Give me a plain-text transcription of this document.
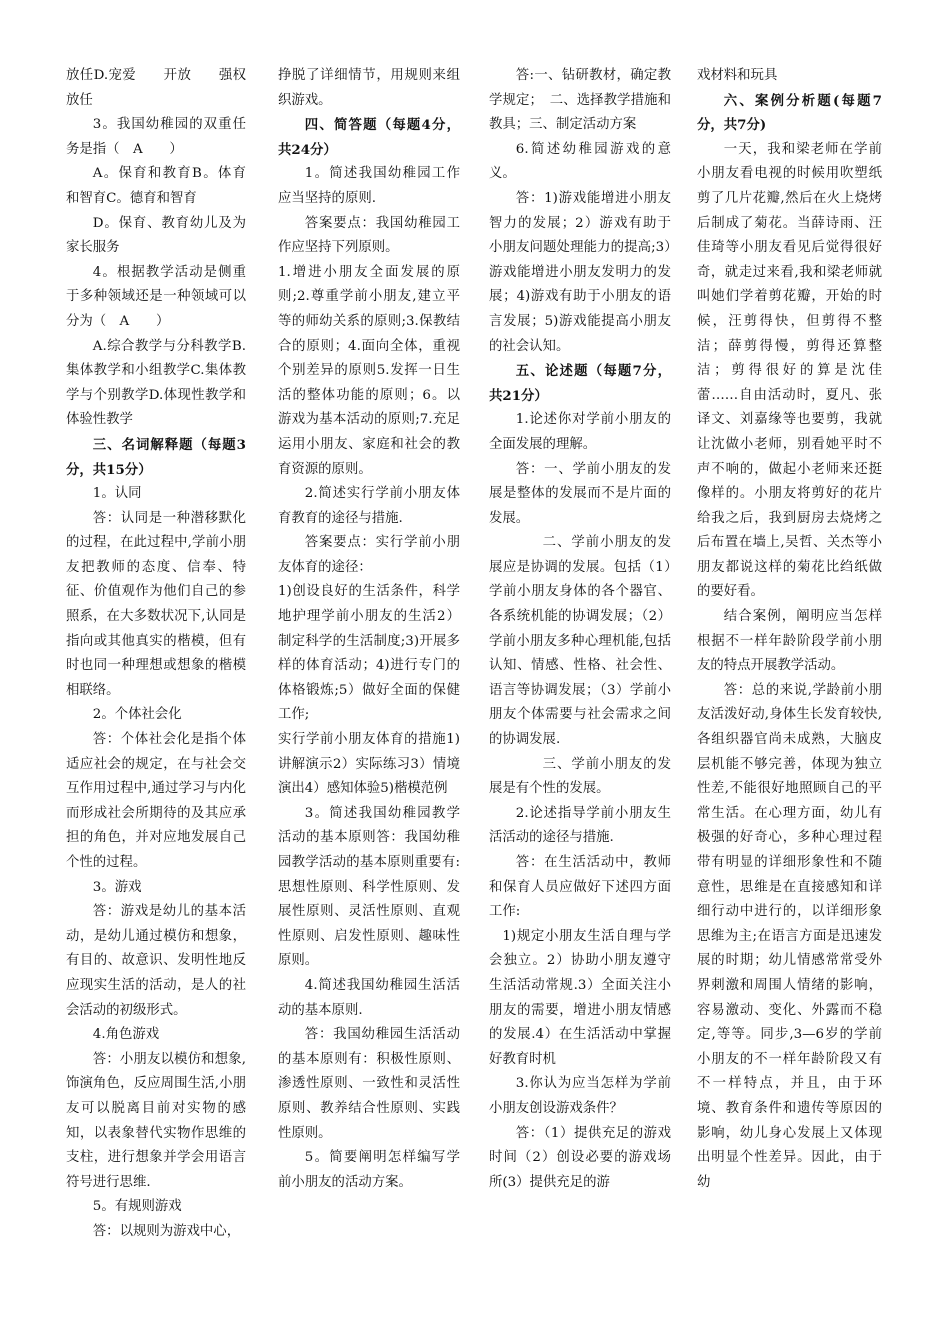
放任D.宠爱　　开放　　强权放任

3。我国幼稚园的双重任务是指（　A　　）

A。保育和教育B。体育和智育C。德育和智育

D。保育、教育幼儿及为家长服务

4。根据教学活动是侧重于多种领域还是一种领域可以分为（　A　　）

A.综合教学与分科教学B.集体教学和小组教学C.集体教学与个别教学D.体现性教学和体验性教学

三、名词解释题（每题3分，共15分）

1。认同

答：认同是一种潜移默化的过程，在此过程中,学前小朋友把教师的态度、信奉、特征、价值观作为他们自己的参照系，在大多数状况下,认同是指向或其他真实的楷模，但有时也同一种理想或想象的楷模相联络。

2。个体社会化

答：个体社会化是指个体适应社会的规定，在与社会交互作用过程中,通过学习与内化而形成社会所期待的及其应承担的角色，并对应地发展自己个性的过程。

3。游戏

答：游戏是幼儿的基本活动，是幼儿通过模仿和想象，有目的、故意识、发明性地反应现实生活的活动，是人的社会活动的初级形式。

4.角色游戏

答：小朋友以模仿和想象,饰演角色，反应周围生活,小朋友可以脱离目前对实物的感知，以表象替代实物作思维的支柱，进行想象并学会用语言符号进行思维.

5。有规则游戏

答：以规则为游戏中心，

挣脱了详细情节，用规则来组织游戏。

四、简答题（每题4分，共24分）

1。简述我国幼稚园工作应当坚持的原则.

答案要点：我国幼稚园工作应坚持下列原则。

1.增进小朋友全面发展的原则;2.尊重学前小朋友,建立平等的师幼关系的原则;3.保教结合的原则；4.面向全体，重视个别差异的原则5.发挥一日生活的整体功能的原则；6。以游戏为基本活动的原则;7.充足运用小朋友、家庭和社会的教育资源的原则。

2.简述实行学前小朋友体育教育的途径与措施.

答案要点：实行学前小朋友体育的途径：

1)创设良好的生活条件，科学地护理学前小朋友的生活2）制定科学的生活制度;3)开展多样的体育活动；4)进行专门的体格锻炼;5）做好全面的保健工作;

实行学前小朋友体育的措施1)讲解演示2）实际练习3）情境演出4）感知体验5)楷模范例

3。简述我国幼稚园教学活动的基本原则答：我国幼稚园教学活动的基本原则重要有:思想性原则、科学性原则、发展性原则、灵活性原则、直观性原则、启发性原则、趣味性原则。

4.简述我国幼稚园生活活动的基本原则.

答：我国幼稚园生活活动的基本原则有：积极性原则、渗透性原则、一致性和灵活性原则、教养结合性原则、实践性原则。

5。简要阐明怎样编写学前小朋友的活动方案。

答:一、钻研教材，确定教学规定；　二、选择教学措施和教具；三、制定活动方案

6.简述幼稚园游戏的意义。

答：1)游戏能增进小朋友智力的发展；2）游戏有助于小朋友问题处理能力的提高;3）游戏能增进小朋友发明力的发展；4)游戏有助于小朋友的语言发展；5)游戏能提高小朋友的社会认知。

五、论述题（每题7分，共21分）

1.论述你对学前小朋友的全面发展的理解。

答：一、学前小朋友的发展是整体的发展而不是片面的发展。

二、学前小朋友的发展应是协调的发展。包括（1）学前小朋友身体的各个器官、各系统机能的协调发展；（2）学前小朋友多种心理机能,包括认知、情感、性格、社会性、语言等协调发展；（3）学前小朋友个体需要与社会需求之间的协调发展.

三、学前小朋友的发展是有个性的发展。

2.论述指导学前小朋友生活活动的途径与措施.

答：在生活活动中，教师和保育人员应做好下述四方面工作:

1)规定小朋友生活自理与学会独立。2）协助小朋友遵守生活活动常规.3）全面关注小朋友的需要，增进小朋友情感的发展.4）在生活活动中掌握好教育时机

3.你认为应当怎样为学前小朋友创设游戏条件？

答：（1）提供充足的游戏时间（2）创设必要的游戏场所(3）提供充足的游

戏材料和玩具

六、案例分析题(每题7分，共7分)

一天，我和梁老师在学前小朋友看电视的时候用吹塑纸剪了几片花瓣,然后在火上烧烤后制成了菊花。当薛诗雨、汪佳琦等小朋友看见后觉得很好奇，就走过来看,我和梁老师就叫她们学着剪花瓣，开始的时候，汪剪得快，但剪得不整洁；薛剪得慢，剪得还算整洁；剪得很好的算是沈佳蕾……自由活动时，夏凡、张译文、刘嘉缘等也要剪，我就让沈做小老师，别看她平时不声不响的，做起小老师来还挺像样的。小朋友将剪好的花片给我之后，我到厨房去烧烤之后布置在墙上,吴哲、关杰等小朋友都说这样的菊花比绉纸做的要好看。

结合案例，阐明应当怎样根据不一样年龄阶段学前小朋友的特点开展教学活动。

答：总的来说,学龄前小朋友活泼好动,身体生长发育较快,各组织器官尚未成熟，大脑皮层机能不够完善，体现为独立性差,不能很好地照顾自己的平常生活。在心理方面，幼儿有极强的好奇心，多种心理过程带有明显的详细形象性和不随意性，思维是在直接感知和详细行动中进行的，以详细形象思维为主;在语言方面是迅速发展的时期；幼儿情感常常受外界刺激和周围人情绪的影响，容易激动、变化、外露而不稳定,等等。同步,3—6岁的学前小朋友的不一样年龄阶段又有不一样特点，并且，由于环境、教育条件和遗传等原因的影响，幼儿身心发展上又体现出明显个性差异。因此，由于幼
